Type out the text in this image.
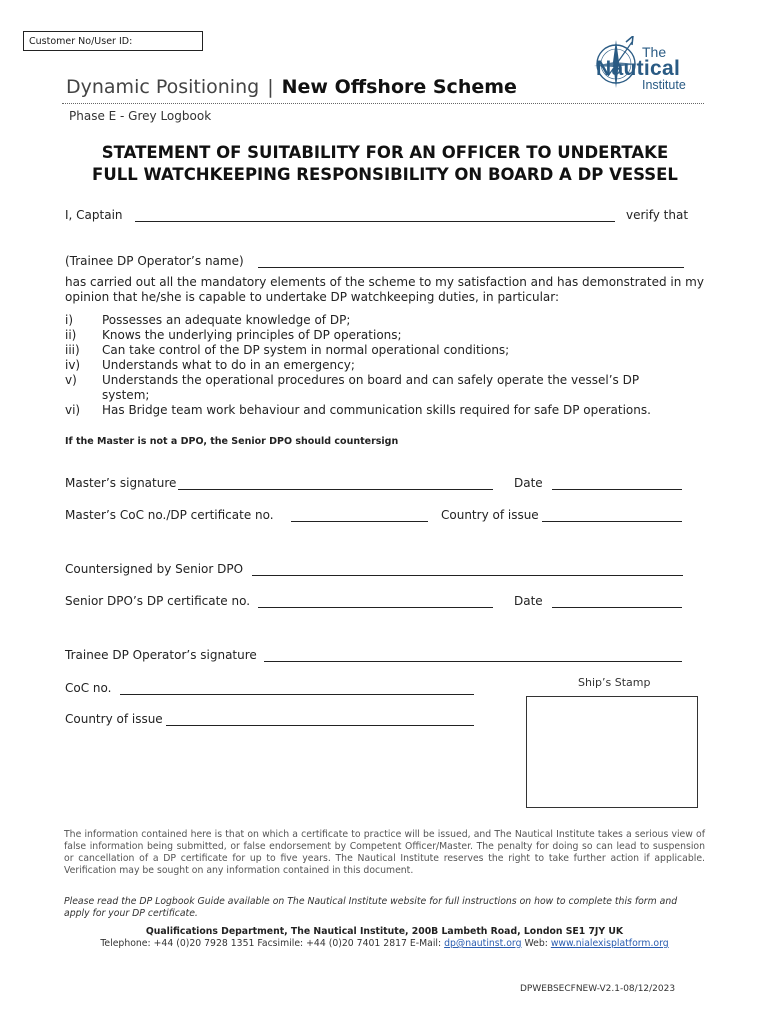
Customer No/User ID:
The
Nautical
Institute
Dynamic Positioning | New Offshore Scheme
Phase E - Grey Logbook
STATEMENT OF SUITABILITY FOR AN OFFICER TO UNDERTAKE
FULL WATCHKEEPING RESPONSIBILITY ON BOARD A DP VESSEL
I, Captain	verify that
(Trainee DP Operator’s name)
has carried out all the mandatory elements of the scheme to my satisfaction and has demonstrated in my opinion that he/she is capable to undertake DP watchkeeping duties, in particular:
i)	Possesses an adequate knowledge of DP;
ii)	Knows the underlying principles of DP operations;
iii)	Can take control of the DP system in normal operational conditions;
iv)	Understands what to do in an emergency;
v)	Understands the operational procedures on board and can safely operate the vessel’s DP system;
vi)	Has Bridge team work behaviour and communication skills required for safe DP operations.
If the Master is not a DPO, the Senior DPO should countersign
Master’s signature	Date
Master’s CoC no./DP certificate no.	Country of issue
Countersigned by Senior DPO
Senior DPO’s DP certificate no.	Date
Trainee DP Operator’s signature
CoC no.
Country of issue
Ship’s Stamp
The information contained here is that on which a certificate to practice will be issued, and The Nautical Institute takes a serious view of false information being submitted, or false endorsement by Competent Officer/Master. The penalty for doing so can lead to suspension or cancellation of a DP certificate for up to five years. The Nautical Institute reserves the right to take further action if applicable. Verification may be sought on any information contained in this document.
Please read the DP Logbook Guide available on The Nautical Institute website for full instructions on how to complete this form and apply for your DP certificate.
Qualifications Department, The Nautical Institute, 200B Lambeth Road, London SE1 7JY UK
Telephone: +44 (0)20 7928 1351 Facsimile: +44 (0)20 7401 2817 E-Mail: dp@nautinst.org Web: www.nialexisplatform.org
DPWEBSECFNEW-V2.1-08/12/2023
